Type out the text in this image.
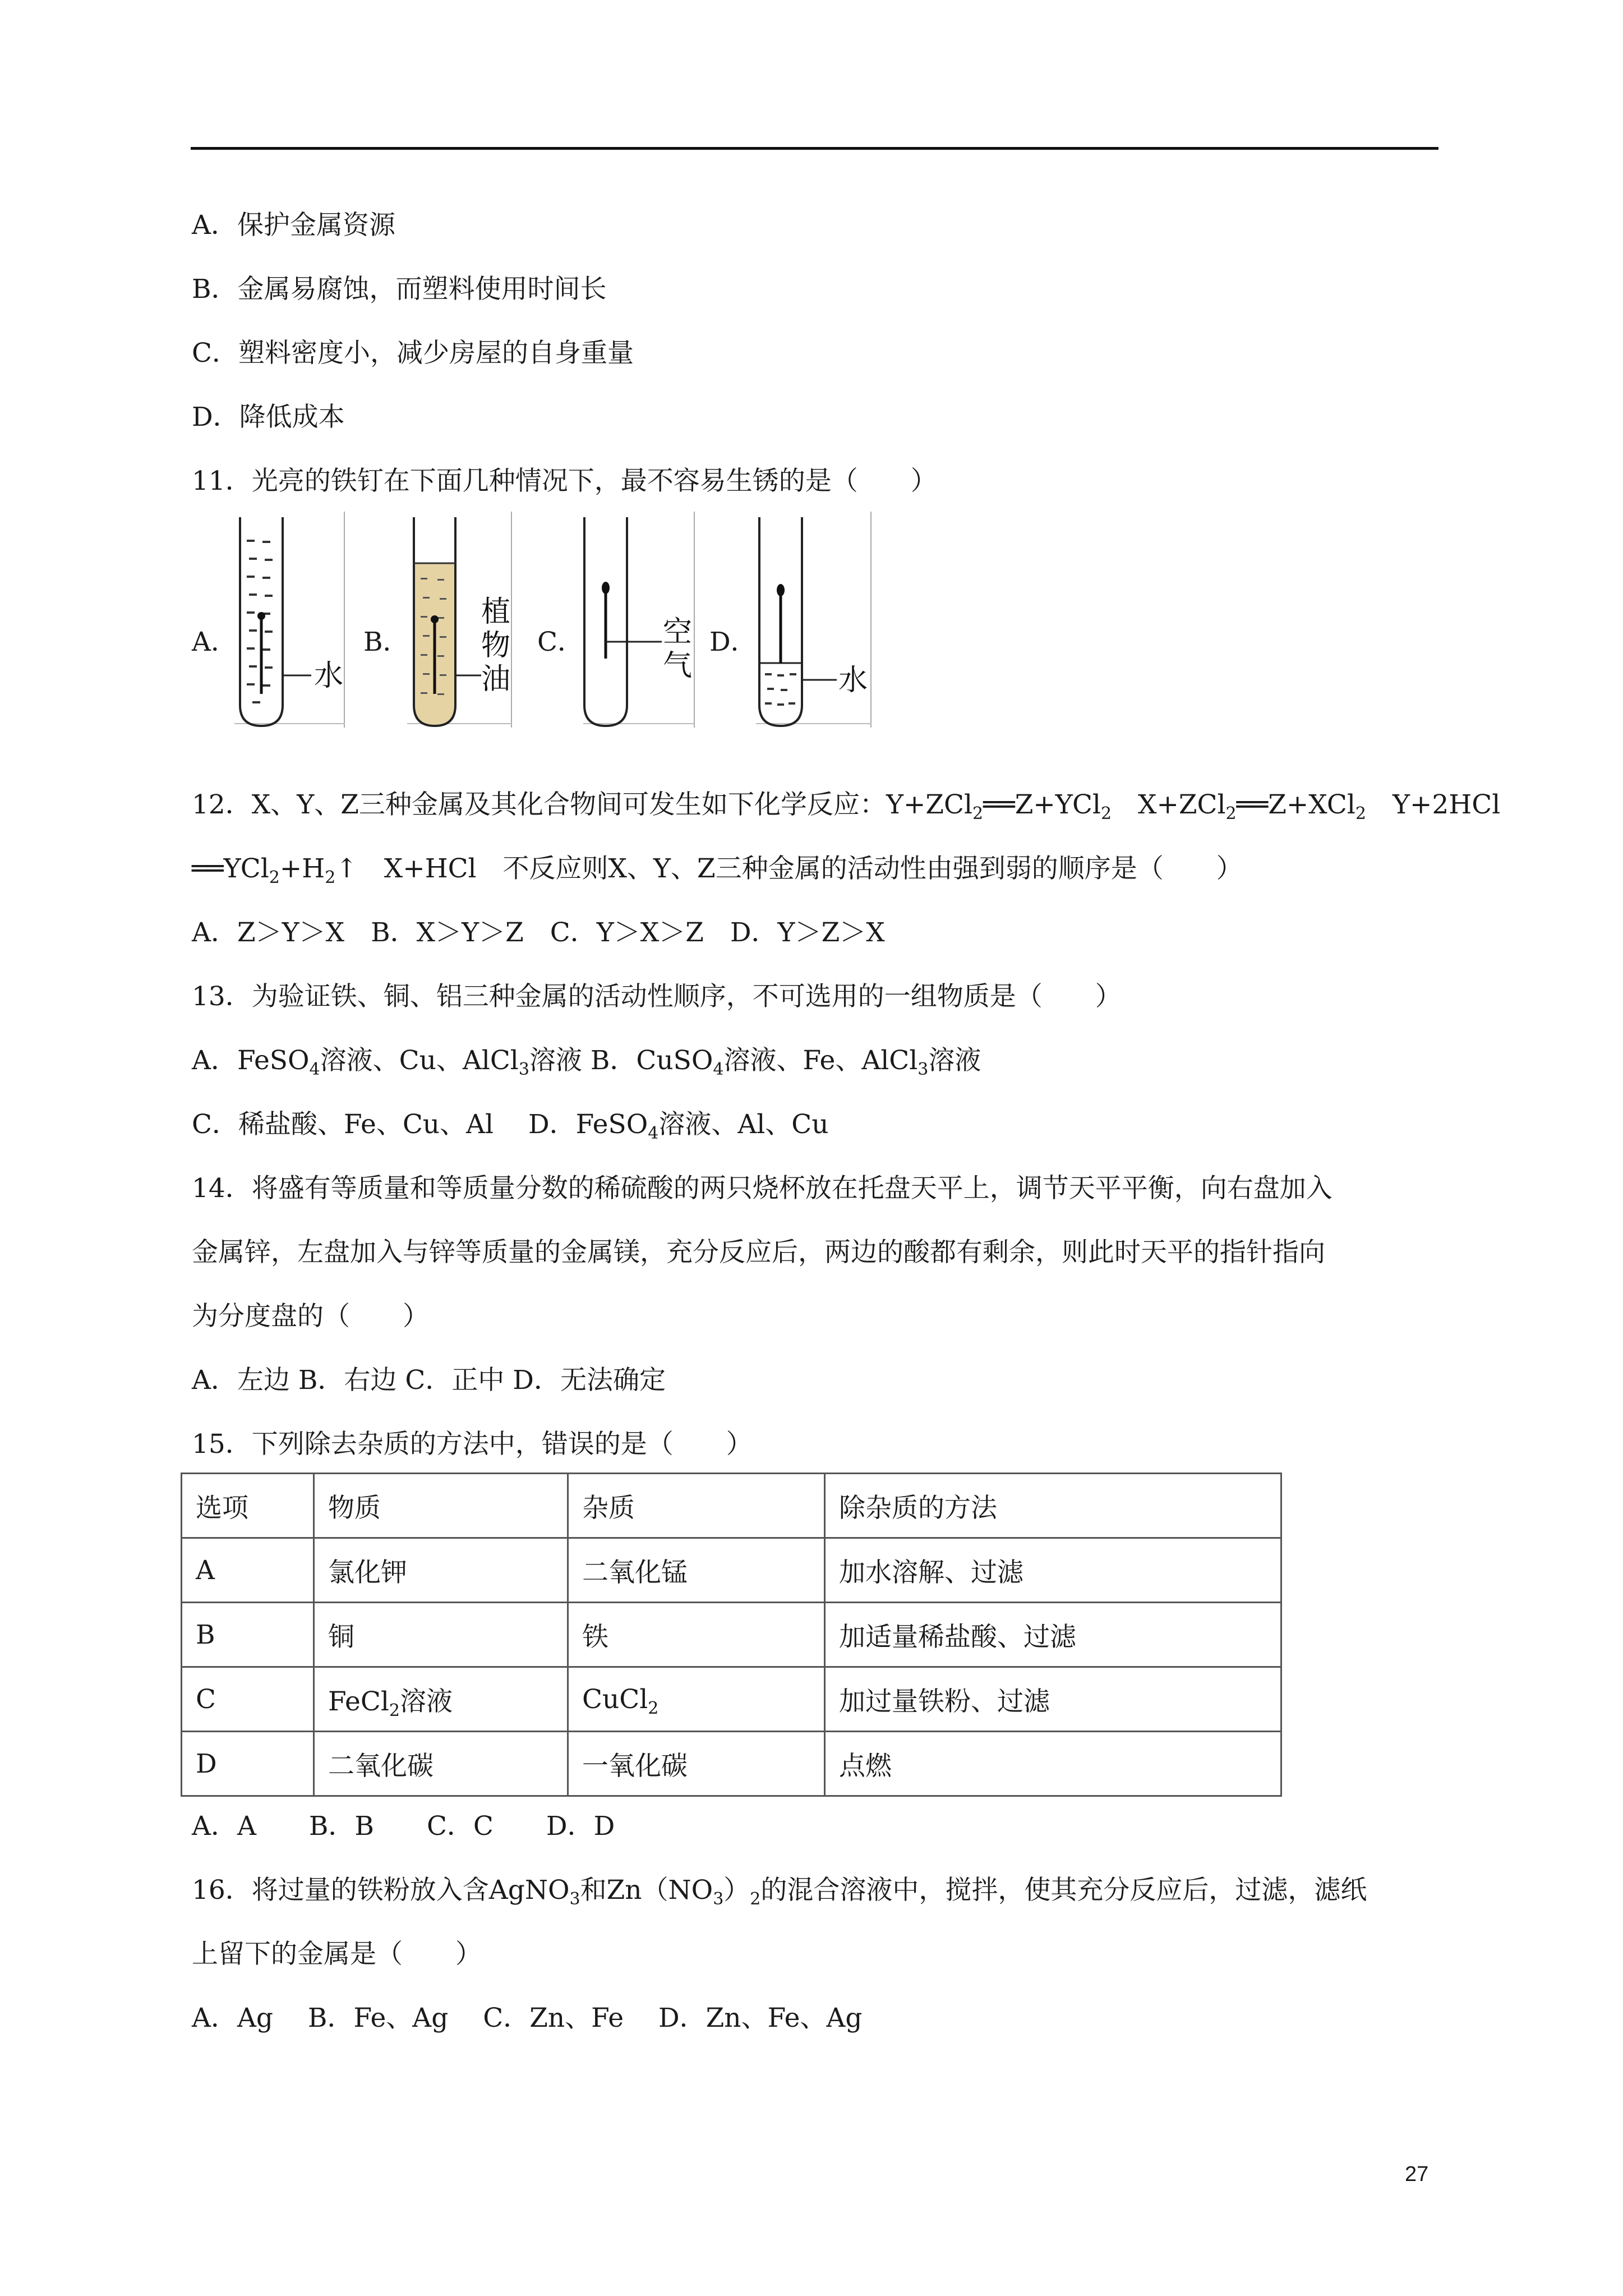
A．保护金属资源
B．金属易腐蚀，而塑料使用时间长
C．塑料密度小，减少房屋的自身重量
D．降低成本
11．光亮的铁钉在下面几种情况下，最不容易生锈的是（　　）
A．	B．	C．	D．
水
植
物
油
空
气	水
12．X、Y、Z三种金属及其化合物间可发生如下化学反应：Y+ZCl$_2$══Z+YCl$_2$　X+ZCl$_2$══Z+XCl$_2$　Y+2HCl
$══YCl_2+H_2↑$　X+HCl　不反应则X、Y、Z三种金属的活动性由强到弱的顺序是（　　）
A．Z＞Y＞X　B．X＞Y＞Z　C．Y＞X＞Z　D．Y＞Z＞X
13．为验证铁、铜、铝三种金属的活动性顺序，不可选用的一组物质是（　　）
A．FeSO$_4$溶液、Cu、AlCl$_3$溶液 B．CuSO$_4$溶液、Fe、AlCl$_3$溶液
C．稀盐酸、Fe、Cu、Al　 D．FeSO$_4$溶液、Al、Cu
14．将盛有等质量和等质量分数的稀硫酸的两只烧杯放在托盘天平上，调节天平平衡，向右盘加入
金属锌，左盘加入与锌等质量的金属镁，充分反应后，两边的酸都有剩余，则此时天平的指针指向
为分度盘的（　　）
A．左边 B．右边 C．正中 D．无法确定
15．下列除去杂质的方法中，错误的是（　　）
选项	物质	杂质	除杂质的方法
A	氯化钾	二氧化锰	加水溶解、过滤
B	铜	铁	加适量稀盐酸、过滤
C	FeCl$_2$溶液	CuCl$_2$	加过量铁粉、过滤
D	二氧化碳	一氧化碳	点燃
A．A　　B．B　　C．C　　D．D
16．将过量的铁粉放入含AgNO$_3$和$Zn(NO_3)_2$的混合溶液中，搅拌，使其充分反应后，过滤，滤纸
上留下的金属是（　　）
A．Ag　 B．Fe、Ag　 C．Zn、Fe　 D．Zn、Fe、Ag
27
